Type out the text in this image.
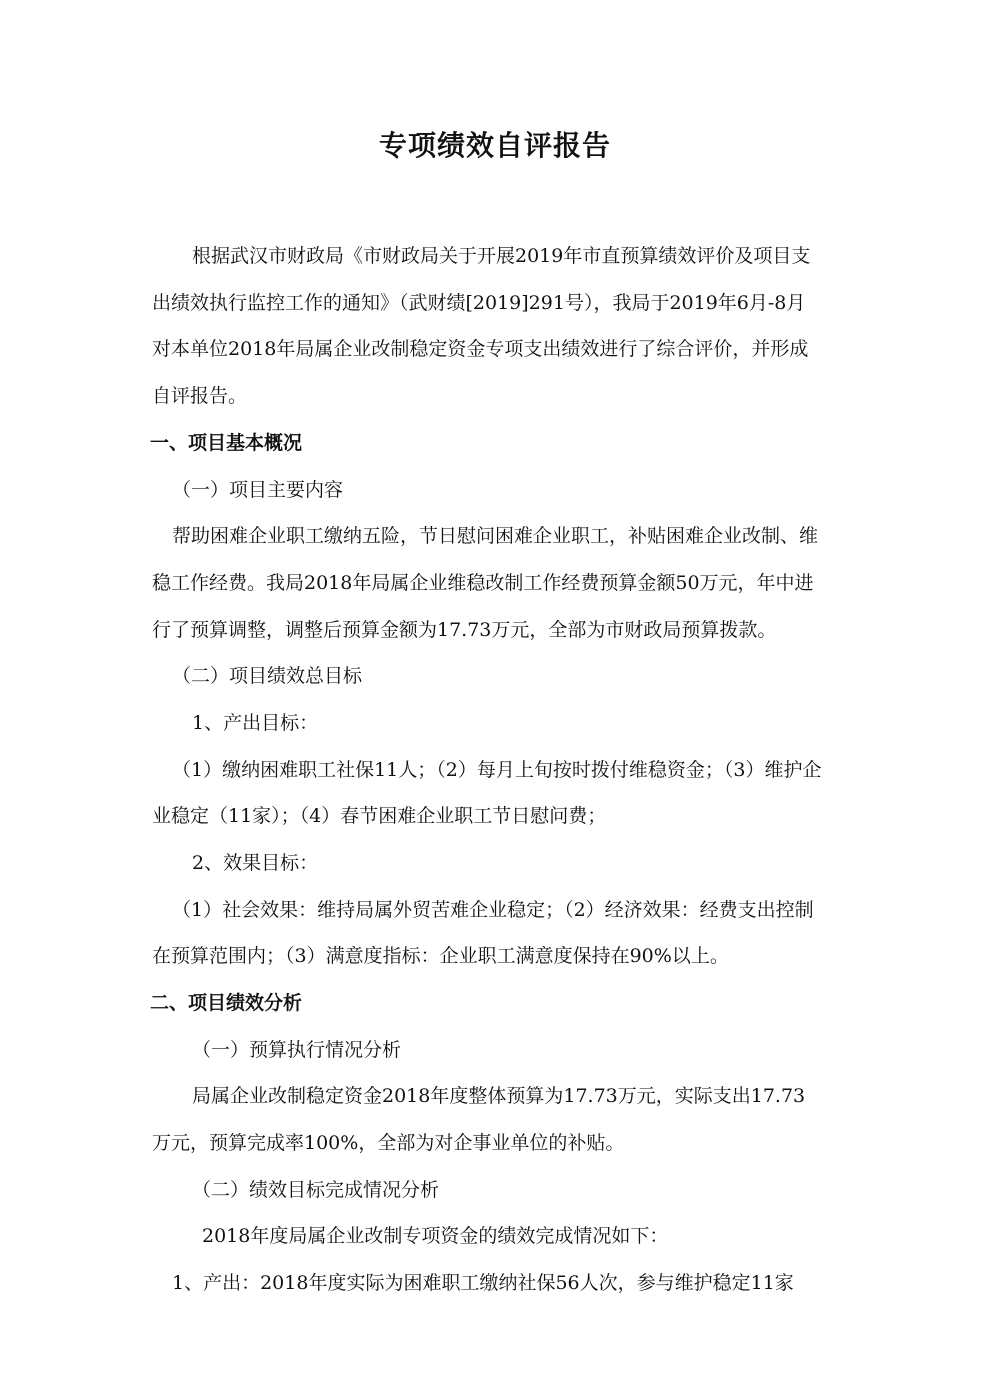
专项绩效自评报告
根据武汉市财政局《市财政局关于开展2019年市直预算绩效评价及项目支
出绩效执行监控工作的通知》（武财绩[2019]291号），我局于2019年6月-8月
对本单位2018年局属企业改制稳定资金专项支出绩效进行了综合评价，并形成
自评报告。
一、项目基本概况
（一）项目主要内容
帮助困难企业职工缴纳五险，节日慰问困难企业职工，补贴困难企业改制、维
稳工作经费。我局2018年局属企业维稳改制工作经费预算金额50万元，年中进
行了预算调整，调整后预算金额为17.73万元，全部为市财政局预算拨款。
（二）项目绩效总目标
1、产出目标：
（1）缴纳困难职工社保11人；（2）每月上旬按时拨付维稳资金；（3）维护企
业稳定（11家）；（4）春节困难企业职工节日慰问费；
2、效果目标：
（1）社会效果：维持局属外贸苦难企业稳定；（2）经济效果：经费支出控制
在预算范围内；（3）满意度指标：企业职工满意度保持在90%以上。
二、项目绩效分析
（一）预算执行情况分析
局属企业改制稳定资金2018年度整体预算为17.73万元，实际支出17.73
万元，预算完成率100%，全部为对企事业单位的补贴。
（二）绩效目标完成情况分析
2018年度局属企业改制专项资金的绩效完成情况如下：
1、产出：2018年度实际为困难职工缴纳社保56人次，参与维护稳定11家
